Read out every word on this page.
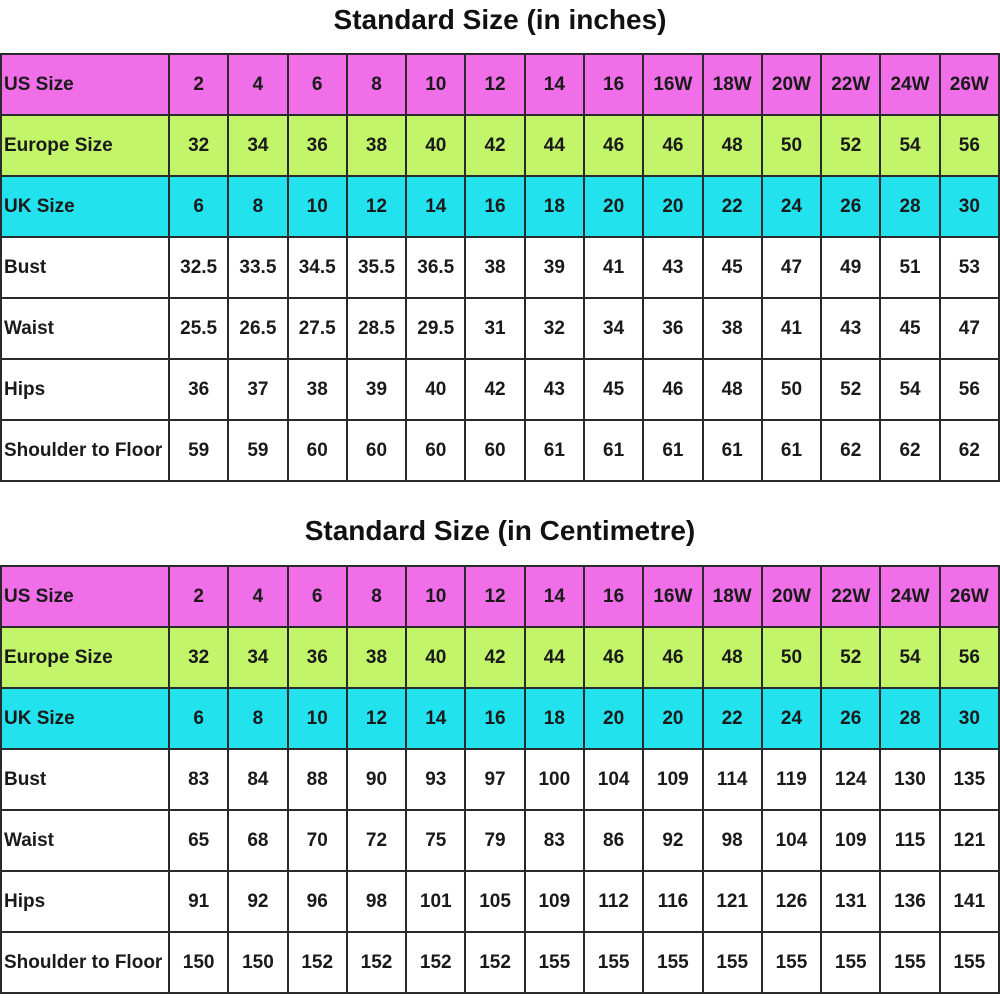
Standard Size (in inches)
US Size	2	4	6	8	10	12	14	16	16W	18W	20W	22W	24W	26W
Europe Size	32	34	36	38	40	42	44	46	46	48	50	52	54	56
UK Size	6	8	10	12	14	16	18	20	20	22	24	26	28	30
Bust	32.5	33.5	34.5	35.5	36.5	38	39	41	43	45	47	49	51	53
Waist	25.5	26.5	27.5	28.5	29.5	31	32	34	36	38	41	43	45	47
Hips	36	37	38	39	40	42	43	45	46	48	50	52	54	56
Shoulder to Floor	59	59	60	60	60	60	61	61	61	61	61	62	62	62
Standard Size (in Centimetre)
US Size	2	4	6	8	10	12	14	16	16W	18W	20W	22W	24W	26W
Europe Size	32	34	36	38	40	42	44	46	46	48	50	52	54	56
UK Size	6	8	10	12	14	16	18	20	20	22	24	26	28	30
Bust	83	84	88	90	93	97	100	104	109	114	119	124	130	135
Waist	65	68	70	72	75	79	83	86	92	98	104	109	115	121
Hips	91	92	96	98	101	105	109	112	116	121	126	131	136	141
Shoulder to Floor	150	150	152	152	152	152	155	155	155	155	155	155	155	155
